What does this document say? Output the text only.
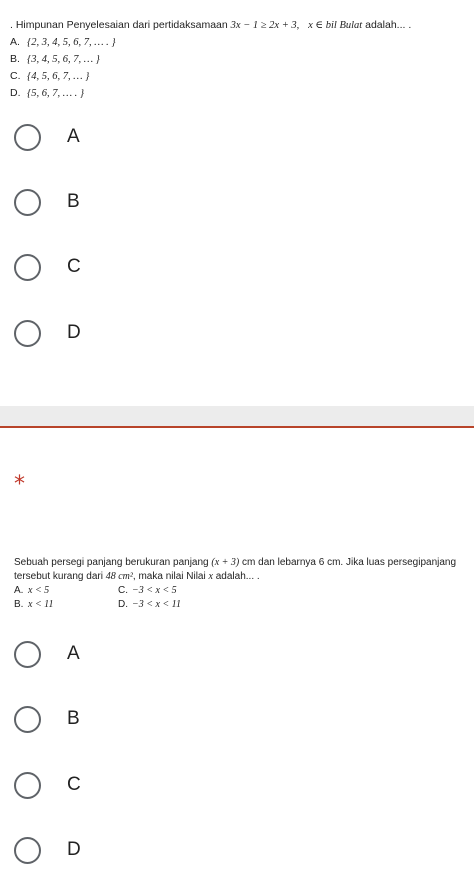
. Himpunan Penyelesaian dari pertidaksamaan 3x − 1 ≥ 2x + 3, x ∈ bil Bulat adalah... .
A. {2, 3, 4, 5, 6, 7, … . }
B. {3, 4, 5, 6, 7, … }
C. {4, 5, 6, 7, … }
D. {5, 6, 7, … . }
A
B
C
D
*
Sebuah persegi panjang berukuran panjang (x + 3) cm dan lebarnya 6 cm. Jika luas persegipanjang
tersebut kurang dari 48 cm², maka nilai Nilai x adalah... .
A. x < 5	C. −3 < x < 5
B. x < 11	D. −3 < x < 11
A
B
C
D
